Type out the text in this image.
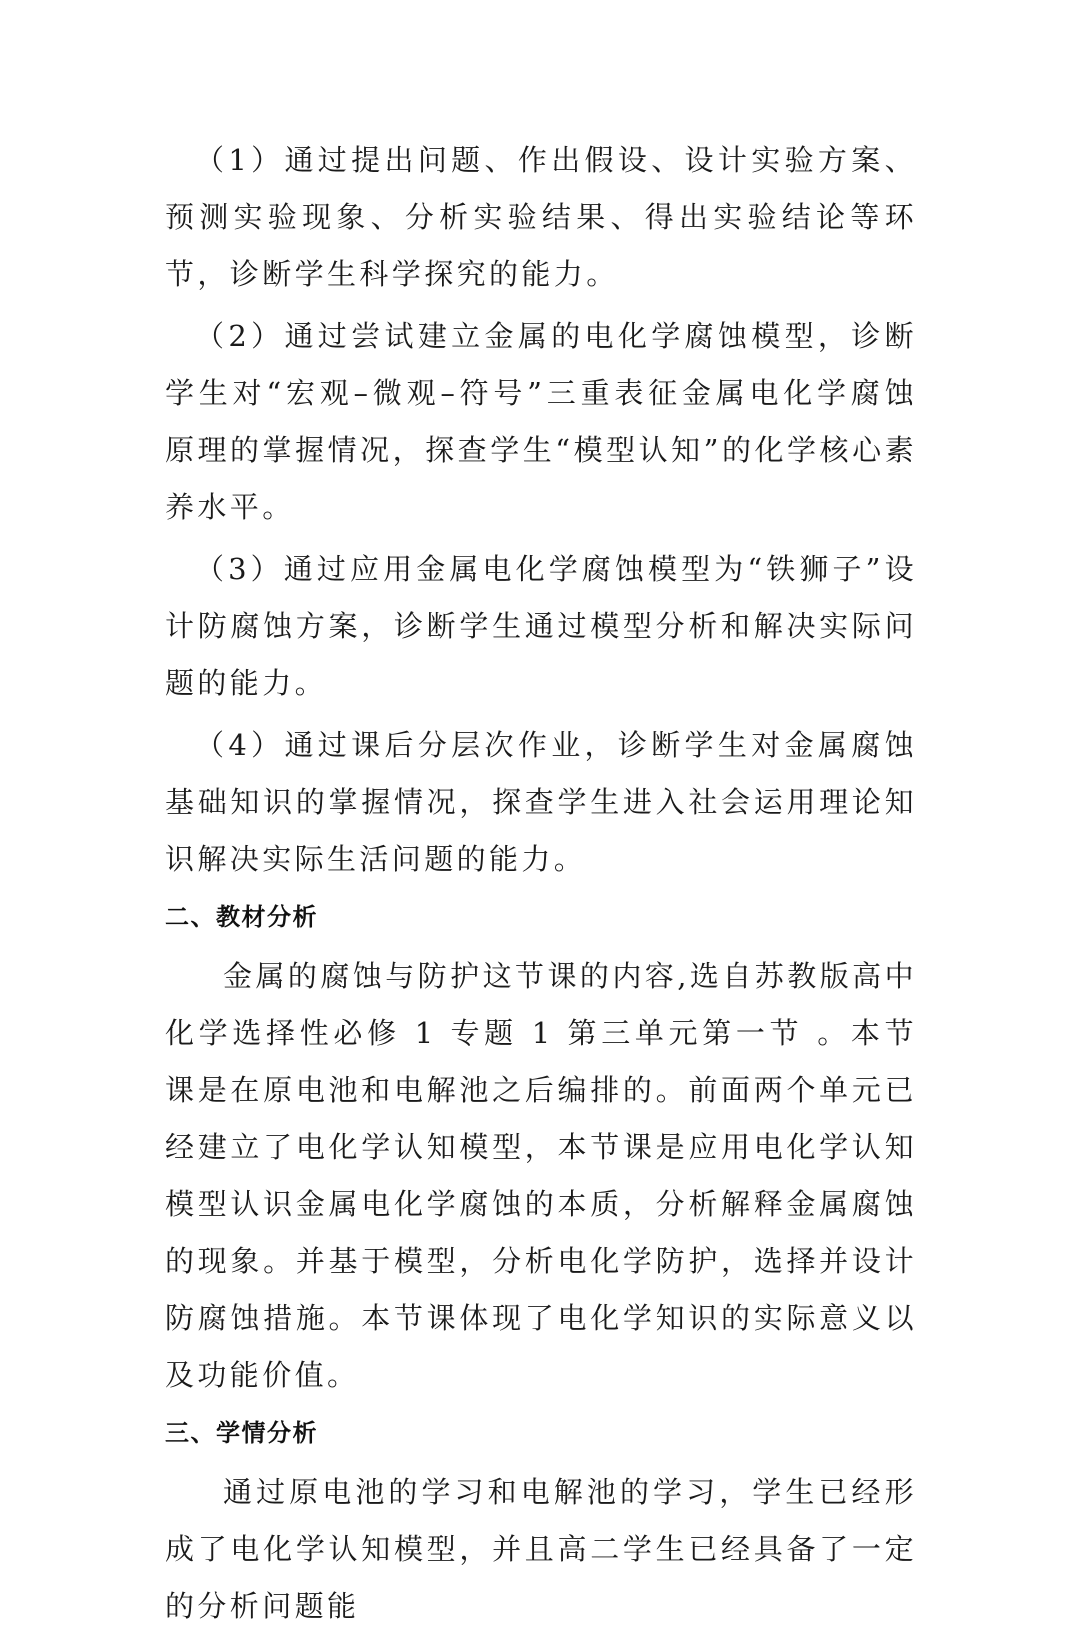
（1）通过提出问题、作出假设、设计实验方案、预测实验现象、分析实验结果、得出实验结论等环节，诊断学生科学探究的能力。

（2）通过尝试建立金属的电化学腐蚀模型，诊断学生对“宏观–微观–符号”三重表征金属电化学腐蚀原理的掌握情况，探查学生“模型认知”的化学核心素养水平。

（3）通过应用金属电化学腐蚀模型为“铁狮子”设计防腐蚀方案，诊断学生通过模型分析和解决实际问题的能力。

（4）通过课后分层次作业，诊断学生对金属腐蚀基础知识的掌握情况，探查学生进入社会运用理论知识解决实际生活问题的能力。

二、教材分析

金属的腐蚀与防护这节课的内容,选自苏教版高中化学选择性必修 1 专题 1 第三单元第一节 。本节课是在原电池和电解池之后编排的。前面两个单元已经建立了电化学认知模型，本节课是应用电化学认知模型认识金属电化学腐蚀的本质，分析解释金属腐蚀的现象。并基于模型，分析电化学防护，选择并设计防腐蚀措施。本节课体现了电化学知识的实际意义以及功能价值。

三、学情分析

通过原电池的学习和电解池的学习，学生已经形成了电化学认知模型，并且高二学生已经具备了一定的分析问题能
